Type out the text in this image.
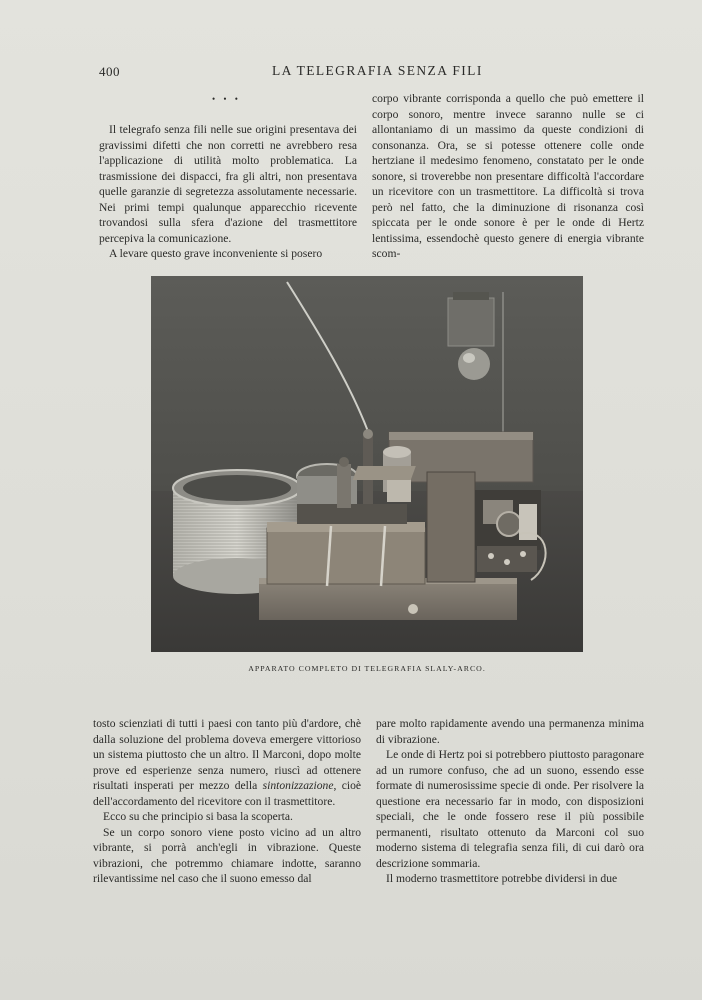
400	LA TELEGRAFIA SENZA FILI
• • •

Il telegrafo senza fili nelle sue origini presentava dei gravissimi difetti che non corretti ne avrebbero resa l'applicazione di utilità molto problematica. La trasmissione dei dispacci, fra gli altri, non presentava quelle garanzie di segretezza assolutamente necessarie. Nei primi tempi qualunque apparecchio ricevente trovandosi sulla sfera d'azione del trasmettitore percepiva la comunicazione.

A levare questo grave inconveniente si posero

corpo vibrante corrisponda a quello che può emettere il corpo sonoro, mentre invece saranno nulle se ci allontaniamo di un massimo da queste condizioni di consonanza. Ora, se si potesse ottenere colle onde hertziane il medesimo fenomeno, constatato per le onde sonore, si troverebbe non presentare difficoltà l'accordare un ricevitore con un trasmettitore. La difficoltà si trova però nel fatto, che la diminuzione di risonanza così spiccata per le onde sonore è per le onde di Hertz lentissima, essendochè questo genere di energia vibrante scom-

APPARATO COMPLETO DI TELEGRAFIA SLALY-ARCO.

tosto scienziati di tutti i paesi con tanto più d'ardore, chè dalla soluzione del problema doveva emergere vittorioso un sistema piuttosto che un altro. Il Marconi, dopo molte prove ed esperienze senza numero, riuscì ad ottenere risultati insperati per mezzo della sintonizzazione, cioè dell'accordamento del ricevitore con il trasmettitore.

Ecco su che principio si basa la scoperta.

Se un corpo sonoro viene posto vicino ad un altro vibrante, si porrà anch'egli in vibrazione. Queste vibrazioni, che potremmo chiamare indotte, saranno rilevantissime nel caso che il suono emesso dal

pare molto rapidamente avendo una permanenza minima di vibrazione.

Le onde di Hertz poi si potrebbero piuttosto paragonare ad un rumore confuso, che ad un suono, essendo esse formate di numerosissime specie di onde. Per risolvere la questione era necessario far in modo, con disposizioni speciali, che le onde fossero rese il più possibile permanenti, risultato ottenuto da Marconi col suo moderno sistema di telegrafia senza fili, di cui darò ora descrizione sommaria.

Il moderno trasmettitore potrebbe dividersi in due
